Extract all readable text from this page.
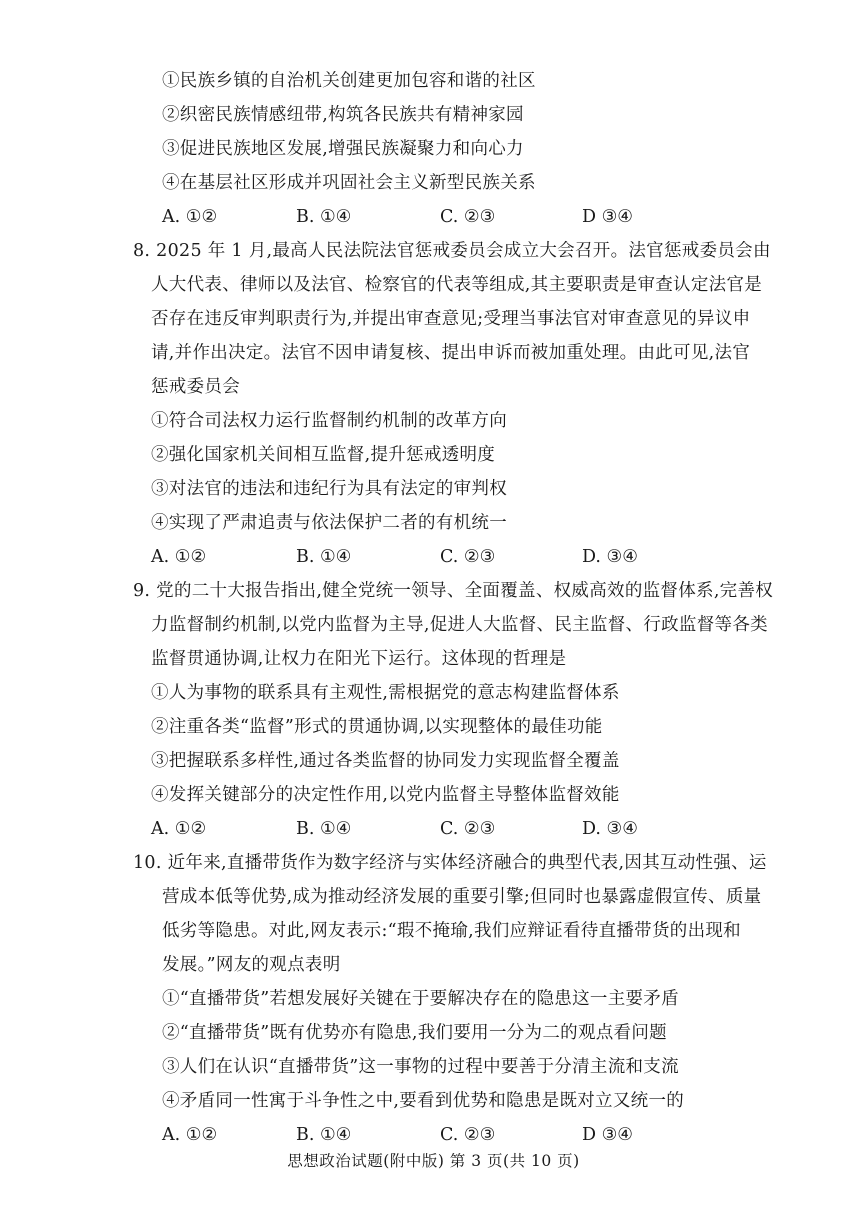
①民族乡镇的自治机关创建更加包容和谐的社区
②织密民族情感纽带,构筑各民族共有精神家园
③促进民族地区发展,增强民族凝聚力和向心力
④在基层社区形成并巩固社会主义新型民族关系
A. ①②	B. ①④	C. ②③	D ③④
8. 2025 年 1 月,最高人民法院法官惩戒委员会成立大会召开。法官惩戒委员会由
人大代表、律师以及法官、检察官的代表等组成,其主要职责是审查认定法官是
否存在违反审判职责行为,并提出审查意见;受理当事法官对审查意见的异议申
请,并作出决定。法官不因申请复核、提出申诉而被加重处理。由此可见,法官
惩戒委员会
①符合司法权力运行监督制约机制的改革方向
②强化国家机关间相互监督,提升惩戒透明度
③对法官的违法和违纪行为具有法定的审判权
④实现了严肃追责与依法保护二者的有机统一
A. ①②	B. ①④	C. ②③	D. ③④
9. 党的二十大报告指出,健全党统一领导、全面覆盖、权威高效的监督体系,完善权
力监督制约机制,以党内监督为主导,促进人大监督、民主监督、行政监督等各类
监督贯通协调,让权力在阳光下运行。这体现的哲理是
①人为事物的联系具有主观性,需根据党的意志构建监督体系
②注重各类“监督”形式的贯通协调,以实现整体的最佳功能
③把握联系多样性,通过各类监督的协同发力实现监督全覆盖
④发挥关键部分的决定性作用,以党内监督主导整体监督效能
A. ①②	B. ①④	C. ②③	D. ③④
10. 近年来,直播带货作为数字经济与实体经济融合的典型代表,因其互动性强、运
营成本低等优势,成为推动经济发展的重要引擎;但同时也暴露虚假宣传、质量
低劣等隐患。对此,网友表示:“瑕不掩瑜,我们应辩证看待直播带货的出现和
发展。”网友的观点表明
①“直播带货”若想发展好关键在于要解决存在的隐患这一主要矛盾
②“直播带货”既有优势亦有隐患,我们要用一分为二的观点看问题
③人们在认识“直播带货”这一事物的过程中要善于分清主流和支流
④矛盾同一性寓于斗争性之中,要看到优势和隐患是既对立又统一的
A. ①②	B. ①④	C. ②③	D ③④
思想政治试题(附中版) 第 3 页(共 10 页)
